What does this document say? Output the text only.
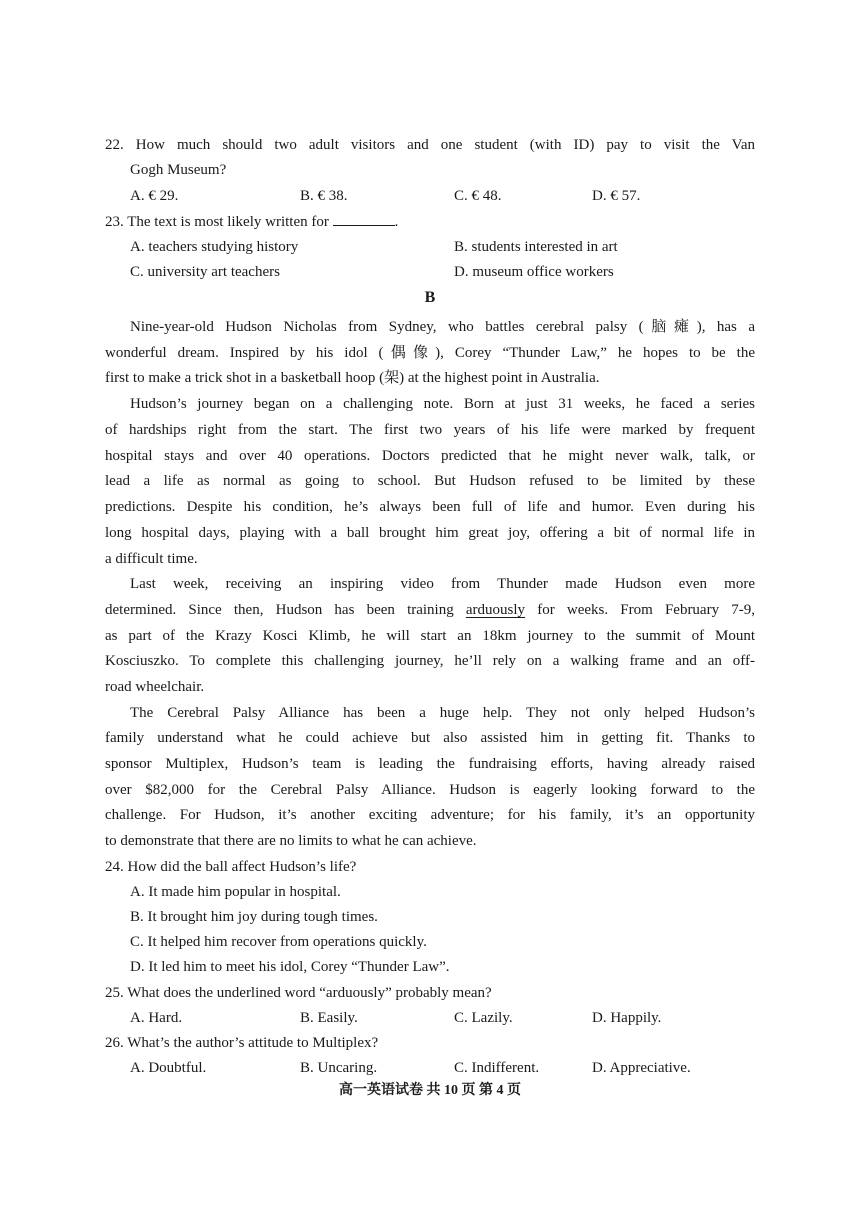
22. How much should two adult visitors and one student (with ID) pay to visit the Van
Gogh Museum?
A. € 29.	B. € 38.	C. € 48.	D. € 57.
23. The text is most likely written for	.
A. teachers studying history	B. students interested in art
C. university art teachers	D. museum office workers
B
Nine-year-old Hudson Nicholas from Sydney, who battles cerebral palsy (脑瘫), has a
wonderful dream. Inspired by his idol (偶像), Corey “Thunder Law,” he hopes to be the
first to make a trick shot in a basketball hoop (架) at the highest point in Australia.
Hudson’s journey began on a challenging note. Born at just 31 weeks, he faced a series
of hardships right from the start. The first two years of his life were marked by frequent
hospital stays and over 40 operations. Doctors predicted that he might never walk, talk, or
lead a life as normal as going to school. But Hudson refused to be limited by these
predictions. Despite his condition, he’s always been full of life and humor. Even during his
long hospital days, playing with a ball brought him great joy, offering a bit of normal life in
a difficult time.
Last week, receiving an inspiring video from Thunder made Hudson even more
determined. Since then, Hudson has been training arduously for weeks. From February 7-9,
as part of the Krazy Kosci Klimb, he will start an 18km journey to the summit of Mount
Kosciuszko. To complete this challenging journey, he’ll rely on a walking frame and an off-
road wheelchair.
The Cerebral Palsy Alliance has been a huge help. They not only helped Hudson’s
family understand what he could achieve but also assisted him in getting fit. Thanks to
sponsor Multiplex, Hudson’s team is leading the fundraising efforts, having already raised
over $82,000 for the Cerebral Palsy Alliance. Hudson is eagerly looking forward to the
challenge. For Hudson, it’s another exciting adventure; for his family, it’s an opportunity
to demonstrate that there are no limits to what he can achieve.
24. How did the ball affect Hudson’s life?
A. It made him popular in hospital.
B. It brought him joy during tough times.
C. It helped him recover from operations quickly.
D. It led him to meet his idol, Corey “Thunder Law”.
25. What does the underlined word “arduously” probably mean?
A. Hard.	B. Easily.	C. Lazily.	D. Happily.
26. What’s the author’s attitude to Multiplex?
A. Doubtful.	B. Uncaring.	C. Indifferent.	D. Appreciative.
高一英语试卷 共 10 页 第 4 页
